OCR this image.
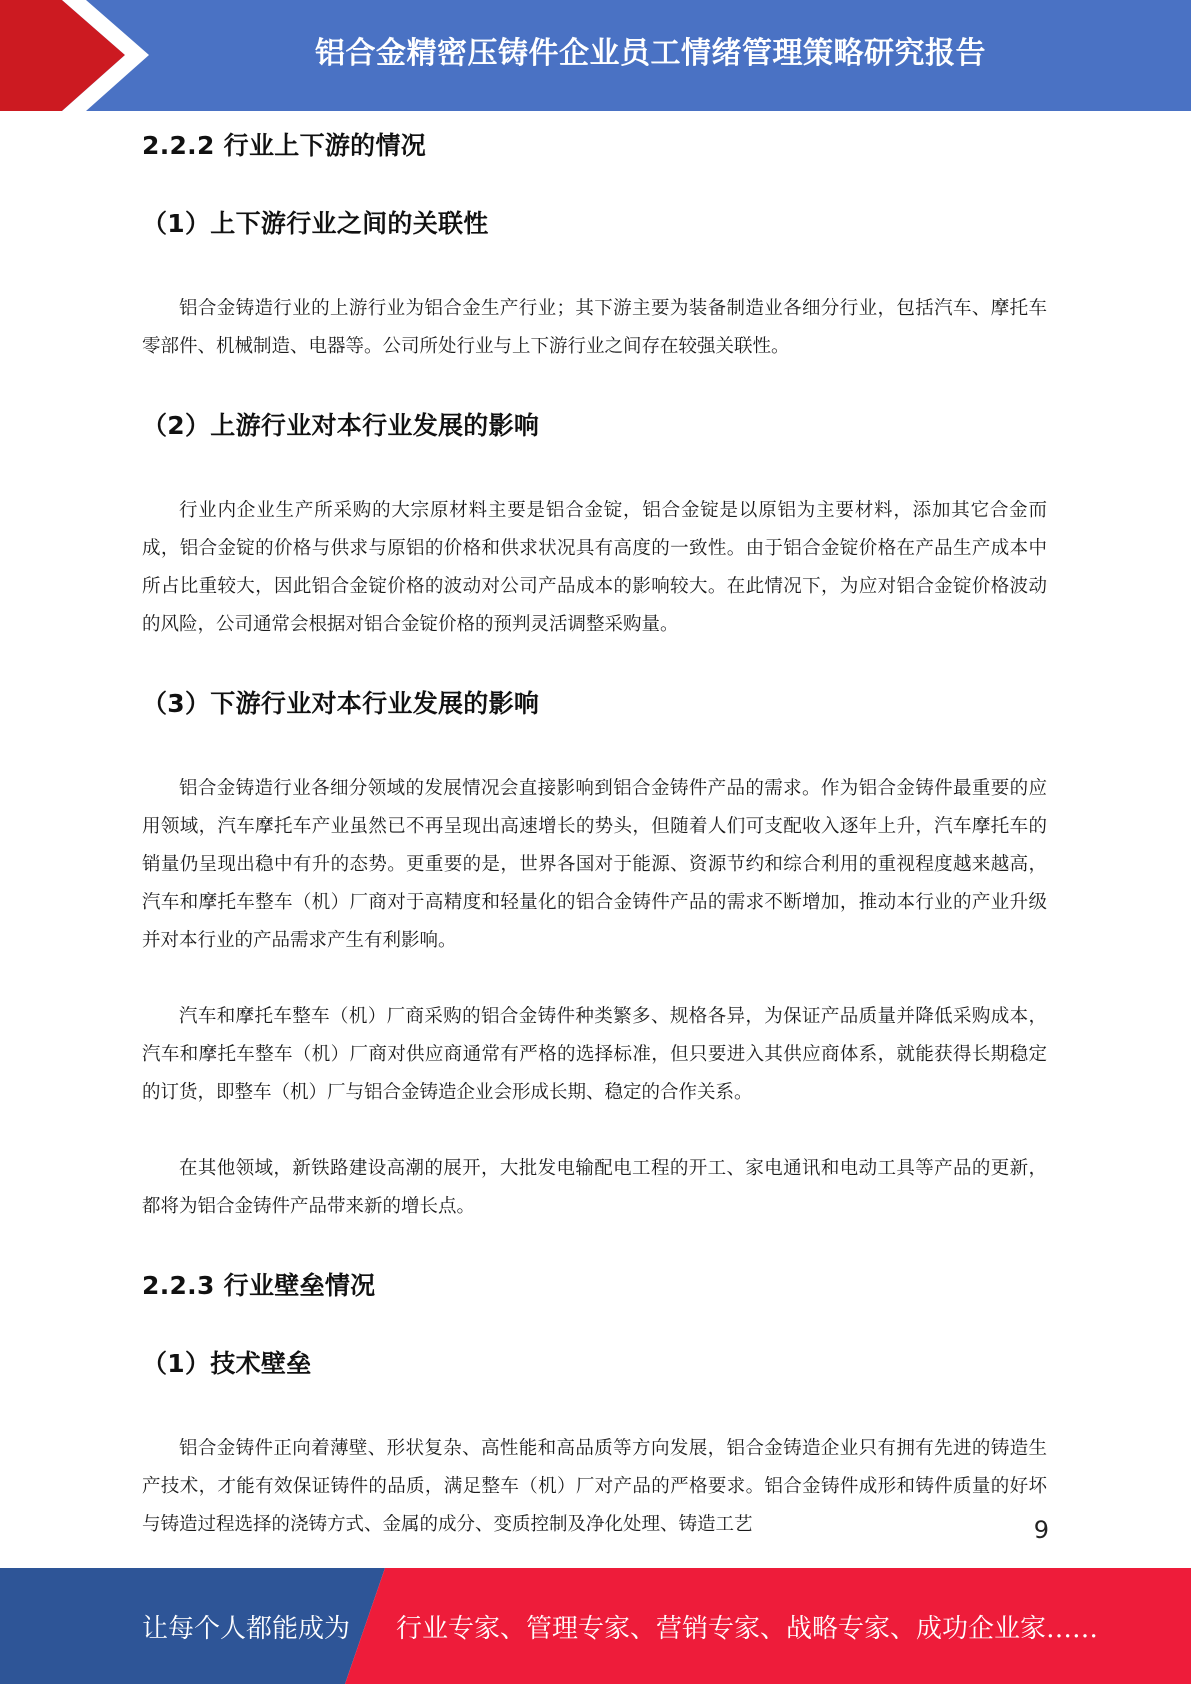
铝合金精密压铸件企业员工情绪管理策略研究报告
2.2.2 行业上下游的情况
（1）上下游行业之间的关联性

铝合金铸造行业的上游行业为铝合金生产行业；其下游主要为装备制造业各细分行业，包括汽车、摩托车零部件、机械制造、电器等。公司所处行业与上下游行业之间存在较强关联性。

（2）上游行业对本行业发展的影响

行业内企业生产所采购的大宗原材料主要是铝合金锭，铝合金锭是以原铝为主要材料，添加其它合金而成，铝合金锭的价格与供求与原铝的价格和供求状况具有高度的一致性。由于铝合金锭价格在产品生产成本中所占比重较大，因此铝合金锭价格的波动对公司产品成本的影响较大。在此情况下，为应对铝合金锭价格波动的风险，公司通常会根据对铝合金锭价格的预判灵活调整采购量。

（3）下游行业对本行业发展的影响

铝合金铸造行业各细分领域的发展情况会直接影响到铝合金铸件产品的需求。作为铝合金铸件最重要的应用领域，汽车摩托车产业虽然已不再呈现出高速增长的势头，但随着人们可支配收入逐年上升，汽车摩托车的销量仍呈现出稳中有升的态势。更重要的是，世界各国对于能源、资源节约和综合利用的重视程度越来越高，汽车和摩托车整车（机）厂商对于高精度和轻量化的铝合金铸件产品的需求不断增加，推动本行业的产业升级并对本行业的产品需求产生有利影响。

汽车和摩托车整车（机）厂商采购的铝合金铸件种类繁多、规格各异，为保证产品质量并降低采购成本，汽车和摩托车整车（机）厂商对供应商通常有严格的选择标准，但只要进入其供应商体系，就能获得长期稳定的订货，即整车（机）厂与铝合金铸造企业会形成长期、稳定的合作关系。

在其他领域，新铁路建设高潮的展开，大批发电输配电工程的开工、家电通讯和电动工具等产品的更新，都将为铝合金铸件产品带来新的增长点。

2.2.3 行业壁垒情况
（1）技术壁垒

铝合金铸件正向着薄壁、形状复杂、高性能和高品质等方向发展，铝合金铸造企业只有拥有先进的铸造生产技术，才能有效保证铸件的品质，满足整车（机）厂对产品的严格要求。铝合金铸件成形和铸件质量的好坏与铸造过程选择的浇铸方式、金属的成分、变质控制及净化处理、铸造工艺	9
让每个人都能成为 行业专家、管理专家、营销专家、战略专家、成功企业家……
